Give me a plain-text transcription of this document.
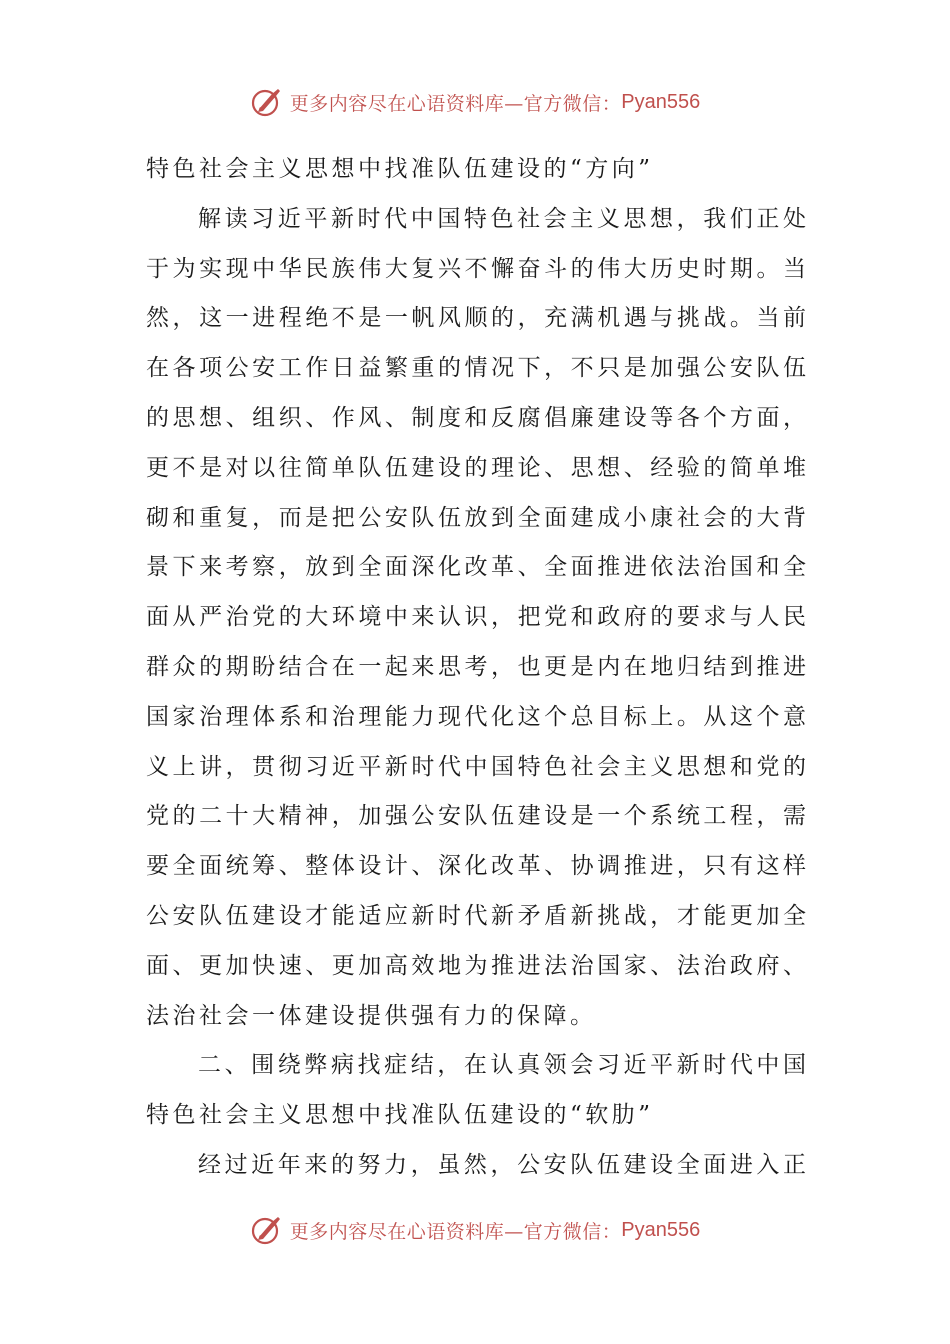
更多内容尽在心语资料库—官方微信： Pyan556
特色社会主义思想中找准队伍建设的“方向”
解读习近平新时代中国特色社会主义思想，我们正处
于为实现中华民族伟大复兴不懈奋斗的伟大历史时期。当
然，这一进程绝不是一帆风顺的，充满机遇与挑战。当前
在各项公安工作日益繁重的情况下，不只是加强公安队伍
的思想、组织、作风、制度和反腐倡廉建设等各个方面，
更不是对以往简单队伍建设的理论、思想、经验的简单堆
砌和重复，而是把公安队伍放到全面建成小康社会的大背
景下来考察，放到全面深化改革、全面推进依法治国和全
面从严治党的大环境中来认识，把党和政府的要求与人民
群众的期盼结合在一起来思考，也更是内在地归结到推进
国家治理体系和治理能力现代化这个总目标上。从这个意
义上讲，贯彻习近平新时代中国特色社会主义思想和党的
党的二十大精神，加强公安队伍建设是一个系统工程，需
要全面统筹、整体设计、深化改革、协调推进，只有这样
公安队伍建设才能适应新时代新矛盾新挑战，才能更加全
面、更加快速、更加高效地为推进法治国家、法治政府、
法治社会一体建设提供强有力的保障。
二、围绕弊病找症结，在认真领会习近平新时代中国
特色社会主义思想中找准队伍建设的“软肋”
经过近年来的努力，虽然，公安队伍建设全面进入正
更多内容尽在心语资料库—官方微信： Pyan556
